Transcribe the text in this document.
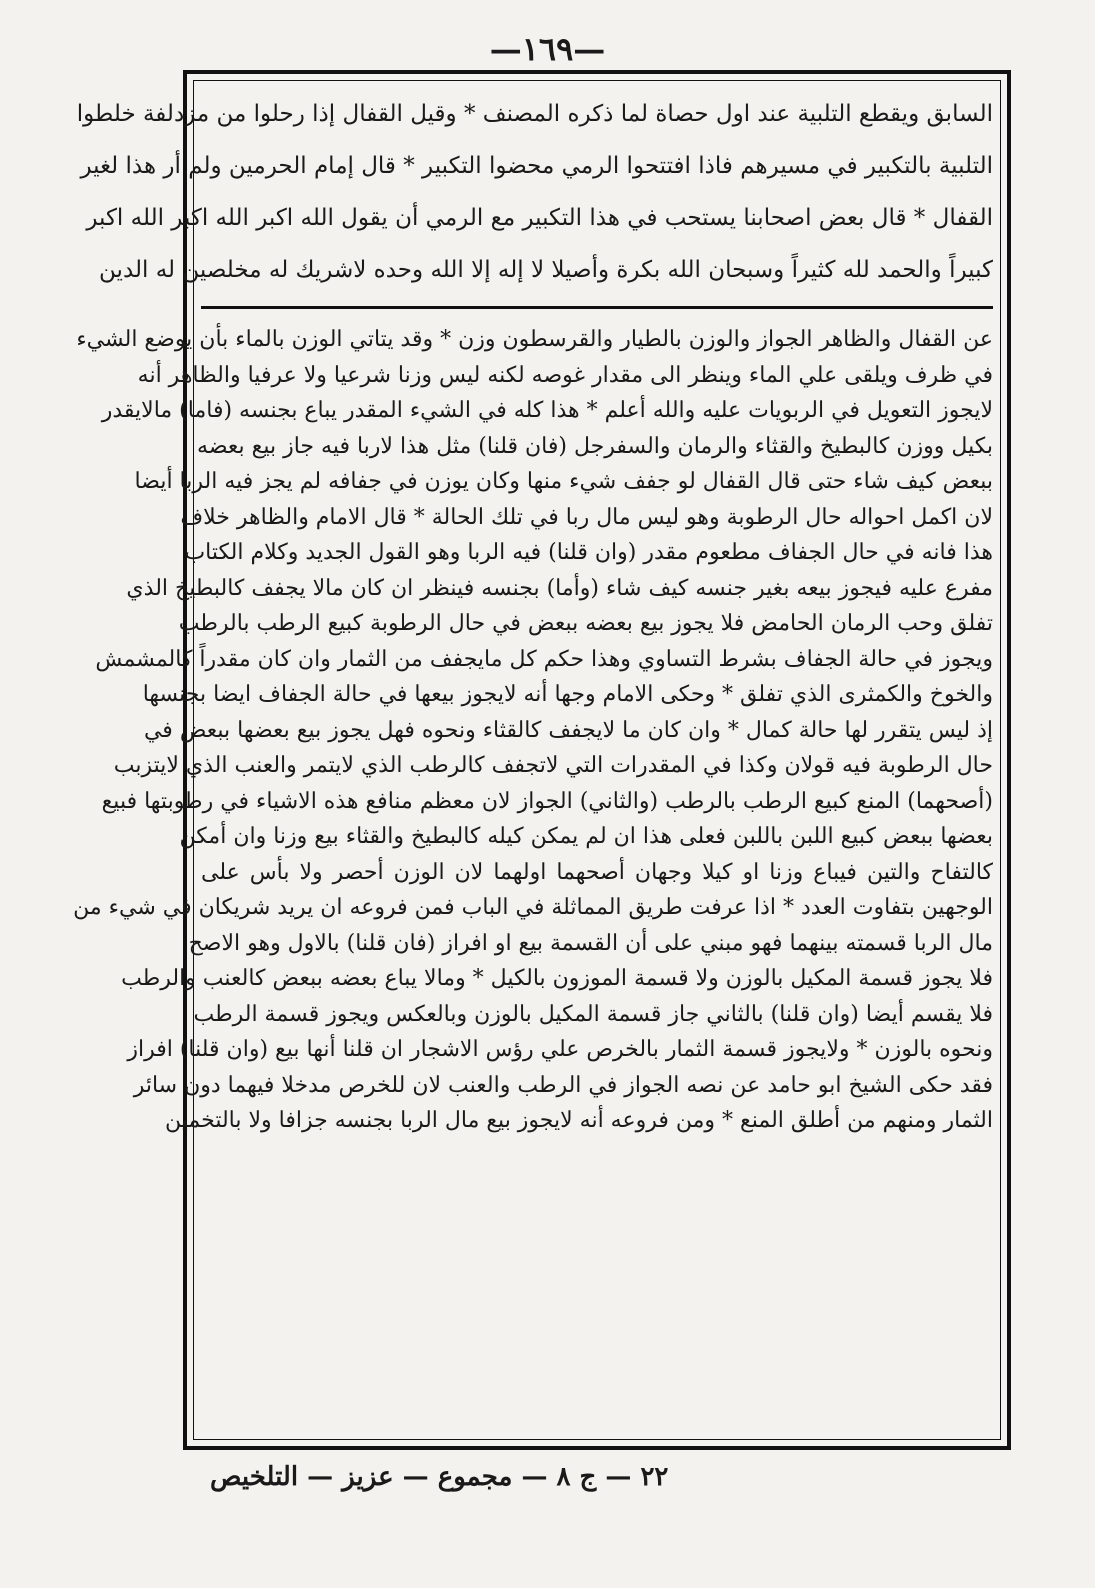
—١٦٩—
السابق ويقطع التلبية عند اول حصاة لما ذكره المصنف * وقيل القفال إذا رحلوا من مزدلفة خلطوا
التلبية بالتكبير في مسيرهم فاذا افتتحوا الرمي محضوا التكبير * قال إمام الحرمين ولم أر هذا لغير
القفال * قال بعض اصحابنا يستحب في هذا التكبير مع الرمي أن يقول الله اكبر الله اكبر الله اكبر
كبيراً والحمد لله كثيراً وسبحان الله بكرة وأصيلا لا إله إلا الله وحده لاشريك له مخلصين له الدين
عن القفال والظاهر الجواز والوزن بالطيار والقرسطون وزن * وقد يتاتي الوزن بالماء بأن يوضع الشيء
في ظرف ويلقى علي الماء وينظر الى مقدار غوصه لكنه ليس وزنا شرعيا ولا عرفيا والظاهر أنه
لايجوز التعويل في الربويات عليه والله أعلم * هذا كله في الشيء المقدر يباع بجنسه (فاما) مالايقدر
بكيل ووزن كالبطيخ والقثاء والرمان والسفرجل (فان قلنا) مثل هذا لاربا فيه جاز بيع بعضه
ببعض كيف شاء حتى قال القفال لو جفف شيء منها وكان يوزن في جفافه لم يجز فيه الربا أيضا
لان اكمل احواله حال الرطوبة وهو ليس مال ربا في تلك الحالة * قال الامام والظاهر خلاف
هذا فانه في حال الجفاف مطعوم مقدر (وان قلنا) فيه الربا وهو القول الجديد وكلام الكتاب
مفرع عليه فيجوز بيعه بغير جنسه كيف شاء (وأما) بجنسه فينظر ان كان مالا يجفف كالبطيخ الذي
تفلق وحب الرمان الحامض فلا يجوز بيع بعضه ببعض في حال الرطوبة كبيع الرطب بالرطب
ويجوز في حالة الجفاف بشرط التساوي وهذا حكم كل مايجفف من الثمار وان كان مقدراً كالمشمش
والخوخ والكمثرى الذي تفلق * وحكى الامام وجها أنه لايجوز بيعها في حالة الجفاف ايضا بجنسها
إذ ليس يتقرر لها حالة كمال * وان كان ما لايجفف كالقثاء ونحوه فهل يجوز بيع بعضها ببعض في
حال الرطوبة فيه قولان وكذا في المقدرات التي لاتجفف كالرطب الذي لايتمر والعنب الذي لايتزبب
(أصحهما) المنع كبيع الرطب بالرطب (والثاني) الجواز لان معظم منافع هذه الاشياء في رطوبتها فبيع
بعضها ببعض كبيع اللبن باللبن فعلى هذا ان لم يمكن كيله كالبطيخ والقثاء بيع وزنا وان أمكن
كالتفاح والتين فيباع وزنا او كيلا وجهان أصحهما اولهما لان الوزن أحصر ولا بأس على
الوجهين بتفاوت العدد * اذا عرفت طريق المماثلة في الباب فمن فروعه ان يريد شريكان في شيء من
مال الربا قسمته بينهما فهو مبني على أن القسمة بيع او افراز (فان قلنا) بالاول وهو الاصح
فلا يجوز قسمة المكيل بالوزن ولا قسمة الموزون بالكيل * ومالا يباع بعضه ببعض كالعنب والرطب
فلا يقسم أيضا (وان قلنا) بالثاني جاز قسمة المكيل بالوزن وبالعكس ويجوز قسمة الرطب
ونحوه بالوزن * ولايجوز قسمة الثمار بالخرص علي رؤس الاشجار ان قلنا أنها بيع (وان قلنا) افراز
فقد حكى الشيخ ابو حامد عن نصه الجواز في الرطب والعنب لان للخرص مدخلا فيهما دون سائر
الثمار ومنهم من أطلق المنع * ومن فروعه أنه لايجوز بيع مال الربا بجنسه جزافا ولا بالتخمين
٢٢ — ج ٨ — مجموع — عزيز — التلخيص
